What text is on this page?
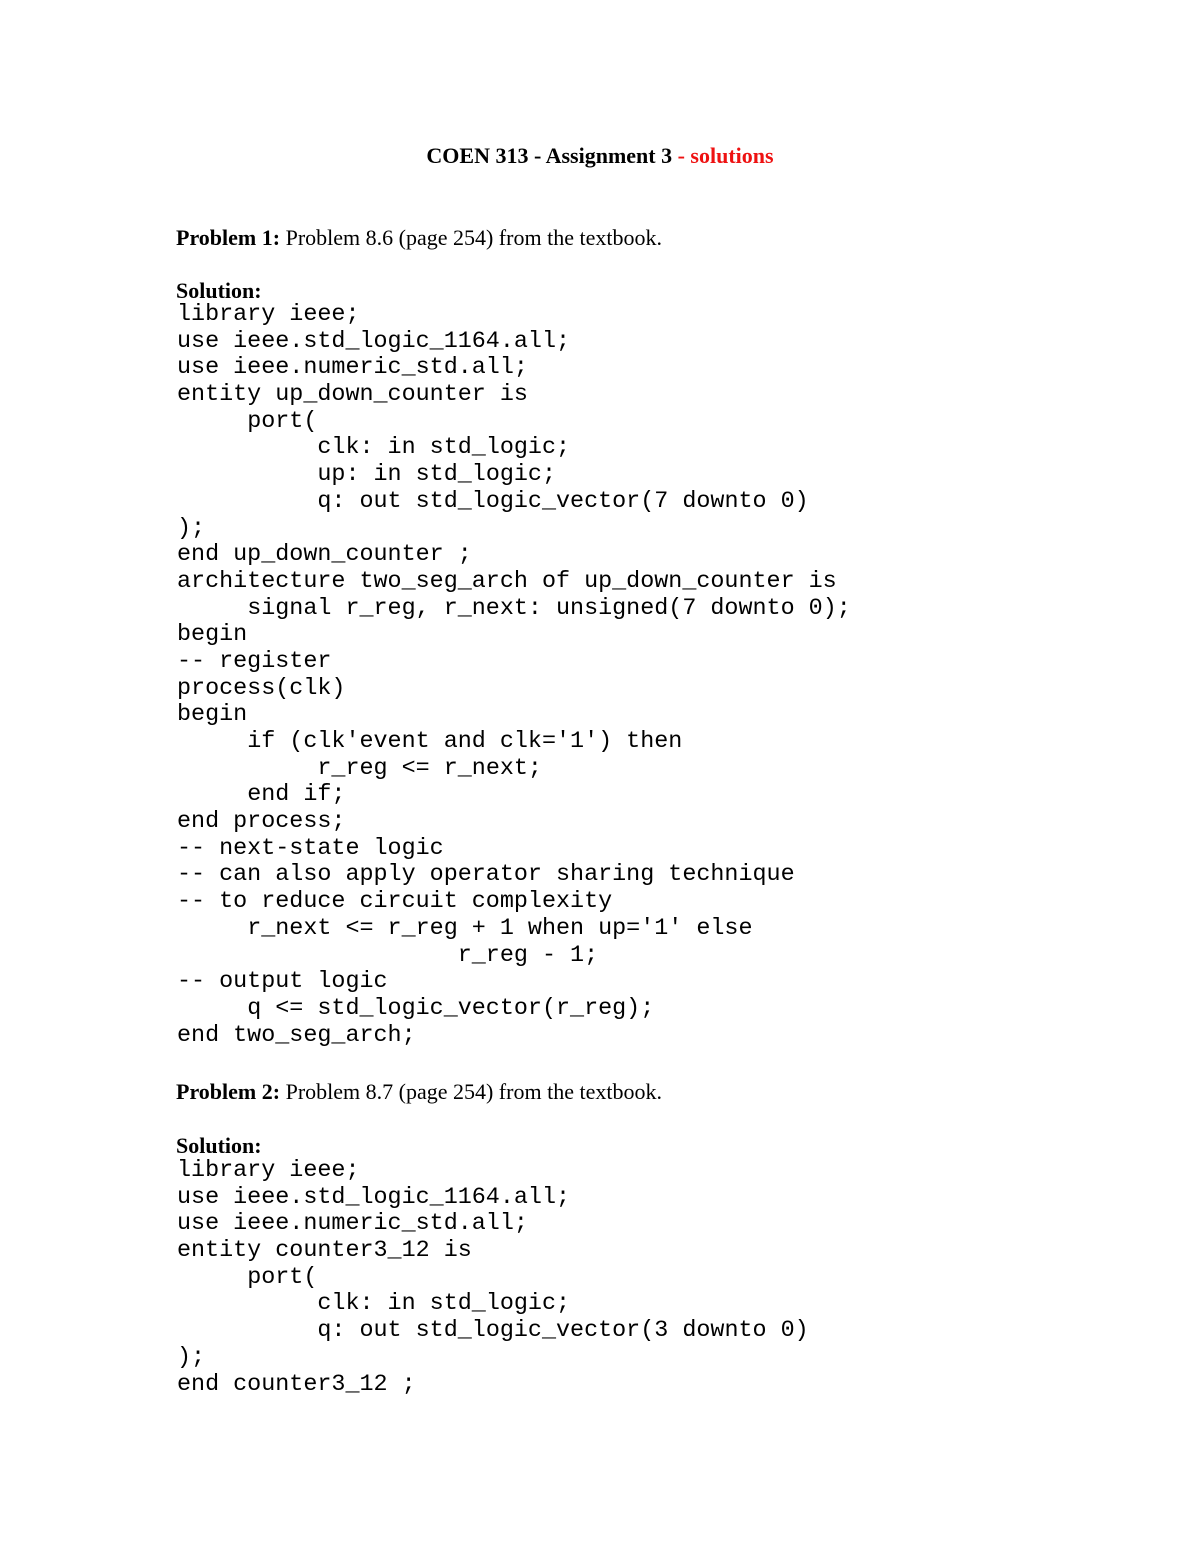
COEN 313 - Assignment 3 - solutions
Problem 1: Problem 8.6 (page 254) from the textbook.
Solution:
library ieee;
use ieee.std_logic_1164.all;
use ieee.numeric_std.all;
entity up_down_counter is
	port(
		clk: in std_logic;
		up: in std_logic;
		q: out std_logic_vector(7 downto 0)
);
end up_down_counter ;
architecture two_seg_arch of up_down_counter is
	signal r_reg, r_next: unsigned(7 downto 0);
begin
-- register
process(clk)
begin
	if (clk'event and clk='1') then
		r_reg <= r_next;
	end if;
end process;
-- next-state logic
-- can also apply operator sharing technique
-- to reduce circuit complexity
	r_next <= r_reg + 1 when up='1' else
				r_reg - 1;
-- output logic
	q <= std_logic_vector(r_reg);
end two_seg_arch;
Problem 2: Problem 8.7 (page 254) from the textbook.
Solution:
library ieee;
use ieee.std_logic_1164.all;
use ieee.numeric_std.all;
entity counter3_12 is
	port(
		clk: in std_logic;
		q: out std_logic_vector(3 downto 0)
);
end counter3_12 ;
